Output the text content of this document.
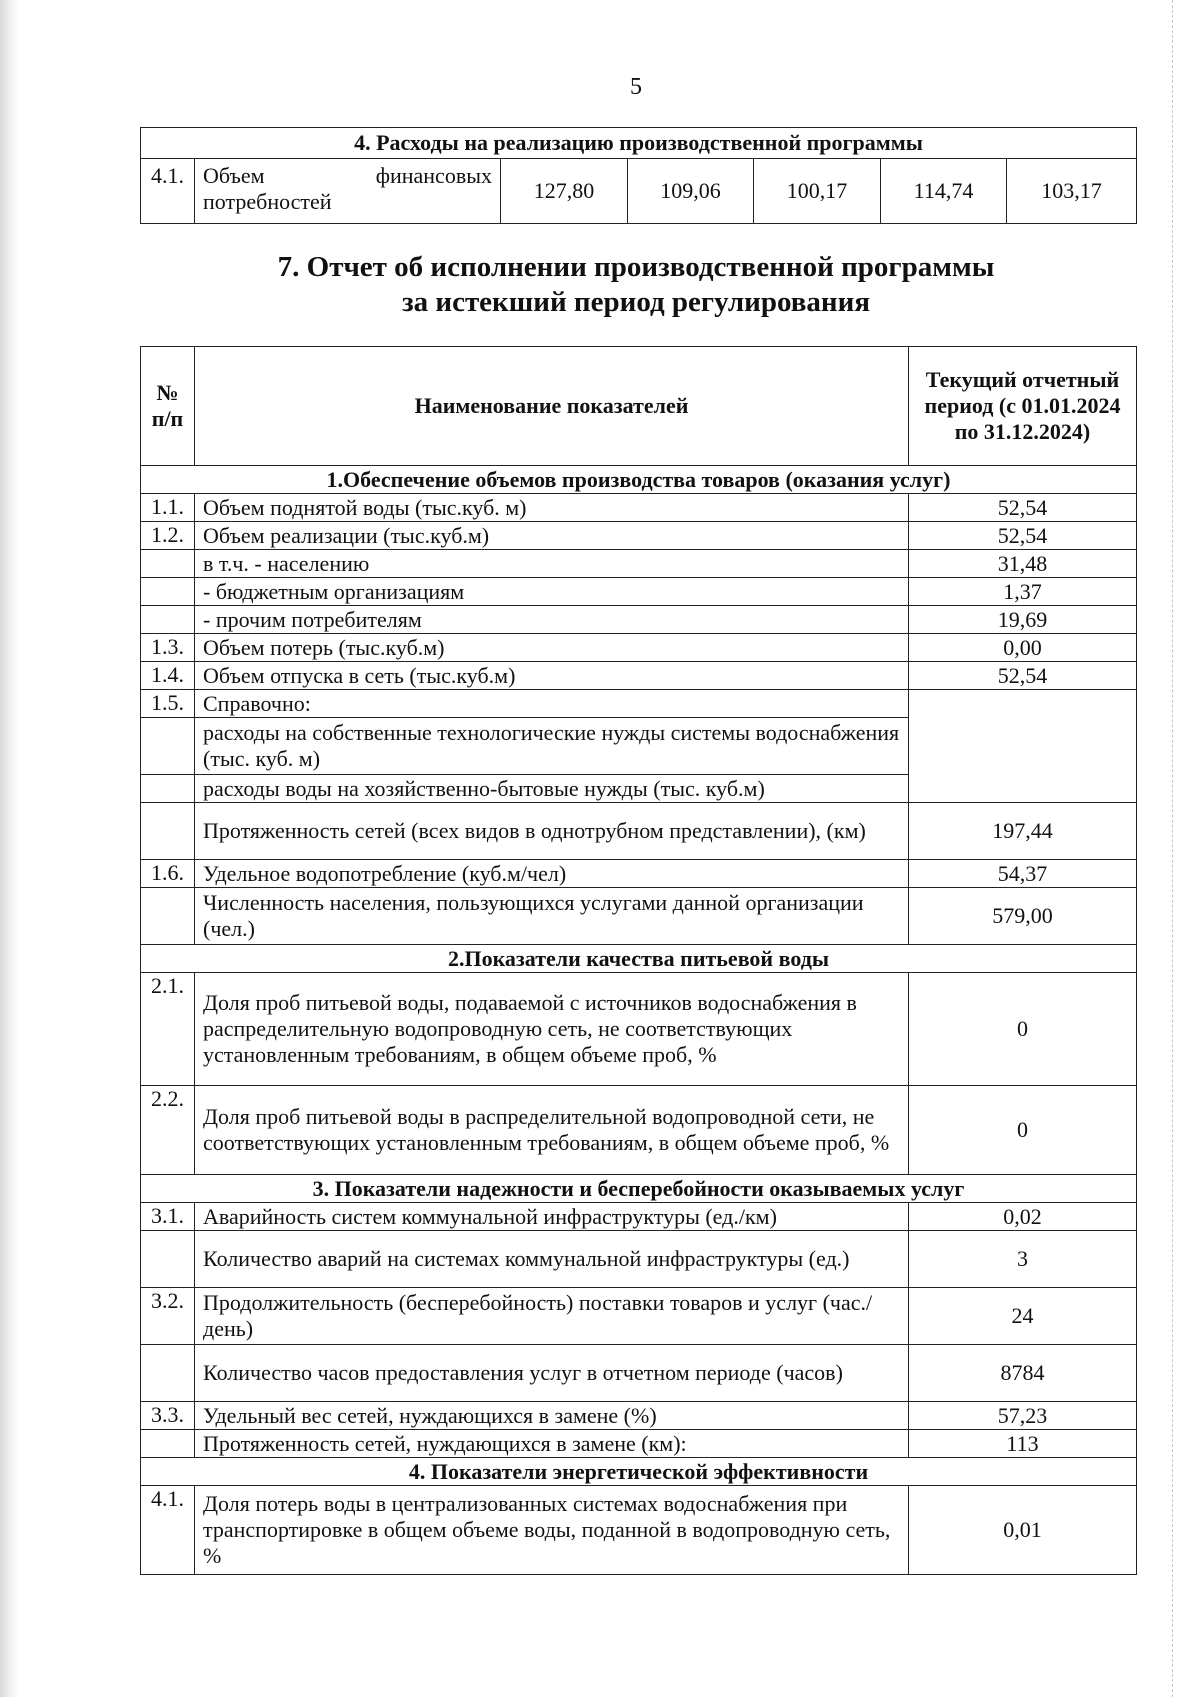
5
4. Расходы на реализацию производственной программы
4.1.	Объем финансовых потребностей	127,80	109,06	100,17	114,74	103,17
7. Отчет об исполнении производственной программы
за истекший период регулирования
№ п/п	Наименование показателей	Текущий отчетный период (с 01.01.2024 по 31.12.2024)
1.Обеспечение объемов производства товаров (оказания услуг)		
1.1.	Объем поднятой воды (тыс.куб. м)	52,54
1.2.	Объем реализации (тыс.куб.м)	52,54
	в т.ч. - населению	31,48
	- бюджетным организациям	1,37
	- прочим потребителям	19,69
1.3.	Объем потерь (тыс.куб.м)	0,00
1.4.	Объем отпуска в сеть (тыс.куб.м)	52,54
1.5.	Справочно:	
	расходы на собственные технологические нужды системы водоснабжения (тыс. куб. м)	
	расходы воды на хозяйственно-бытовые нужды (тыс. куб.м)	
	Протяженность сетей (всех видов в однотрубном представлении), (км)	197,44
1.6.	Удельное водопотребление (куб.м/чел)	54,37
	Численность населения, пользующихся услугами данной организации (чел.)	579,00
2.Показатели качества питьевой воды		
2.1.	Доля проб питьевой воды, подаваемой с источников водоснабжения в распределительную водопроводную сеть, не соответствующих установленным требованиям, в общем объеме проб, %	0
2.2.	Доля проб питьевой воды в распределительной водопроводной сети, не соответствующих установленным требованиям, в общем объеме проб, %	0
3. Показатели надежности и бесперебойности оказываемых услуг		
3.1.	Аварийность систем коммунальной инфраструктуры (ед./км)	0,02
	Количество аварий на системах коммунальной инфраструктуры (ед.)	3
3.2.	Продолжительность (бесперебойность) поставки товаров и услуг (час./день)	24
	Количество часов предоставления услуг в отчетном периоде (часов)	8784
3.3.	Удельный вес сетей, нуждающихся в замене (%)	57,23
	Протяженность сетей, нуждающихся в замене (км):	113
4. Показатели энергетической эффективности		
4.1.	Доля потерь воды в централизованных системах водоснабжения при транспортировке в общем объеме воды, поданной в водопроводную сеть, %	0,01
